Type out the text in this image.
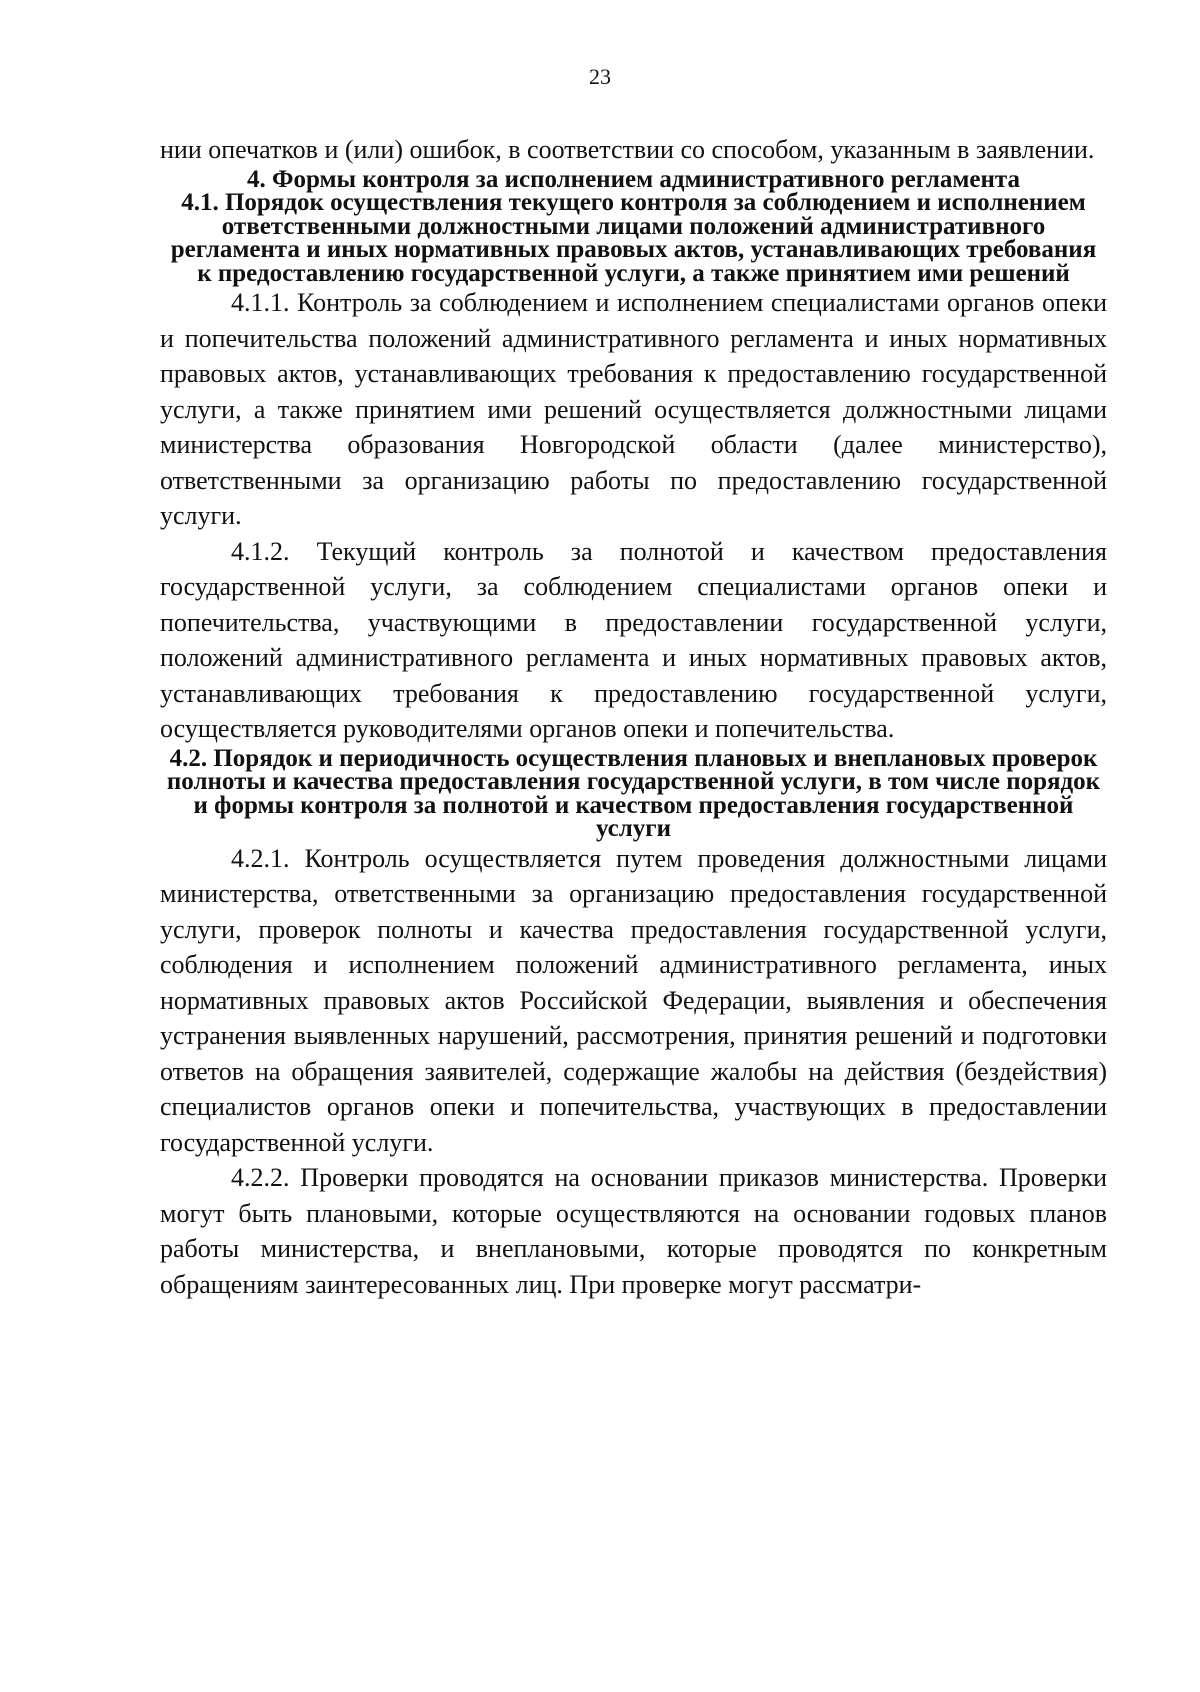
23

нии опечатков и (или) ошибок, в соответствии со способом, указанным в заявлении.

4. Формы контроля за исполнением административного регламента
4.1. Порядок осуществления текущего контроля за соблюдением и исполнением ответственными должностными лицами положений административного регламента и иных нормативных правовых актов, устанавливающих требования к предоставлению государственной услуги, а также принятием ими решений

4.1.1. Контроль за соблюдением и исполнением специалистами органов опеки и попечительства положений административного регламента и иных нормативных правовых актов, устанавливающих требования к предоставлению государственной услуги, а также принятием ими решений осуществляется должностными лицами министерства образования Новгородской области (далее министерство), ответственными за организацию работы по предоставлению государственной услуги.

4.1.2. Текущий контроль за полнотой и качеством предоставления государственной услуги, за соблюдением специалистами органов опеки и попечительства, участвующими в предоставлении государственной услуги, положений административного регламента и иных нормативных правовых актов, устанавливающих требования к предоставлению государственной услуги, осуществляется руководителями органов опеки и попечительства.

4.2. Порядок и периодичность осуществления плановых и внеплановых проверок полноты и качества предоставления государственной услуги, в том числе порядок и формы контроля за полнотой и качеством предоставления государственной услуги

4.2.1. Контроль осуществляется путем проведения должностными лицами министерства, ответственными за организацию предоставления государственной услуги, проверок полноты и качества предоставления государственной услуги, соблюдения и исполнением положений административного регламента, иных нормативных правовых актов Российской Федерации, выявления и обеспечения устранения выявленных нарушений, рассмотрения, принятия решений и подготовки ответов на обращения заявителей, содержащие жалобы на действия (бездействия) специалистов органов опеки и попечительства, участвующих в предоставлении государственной услуги.

4.2.2. Проверки проводятся на основании приказов министерства. Проверки могут быть плановыми, которые осуществляются на основании годовых планов работы министерства, и внеплановыми, которые проводятся по конкретным обращениям заинтересованных лиц. При проверке могут рассматри-
